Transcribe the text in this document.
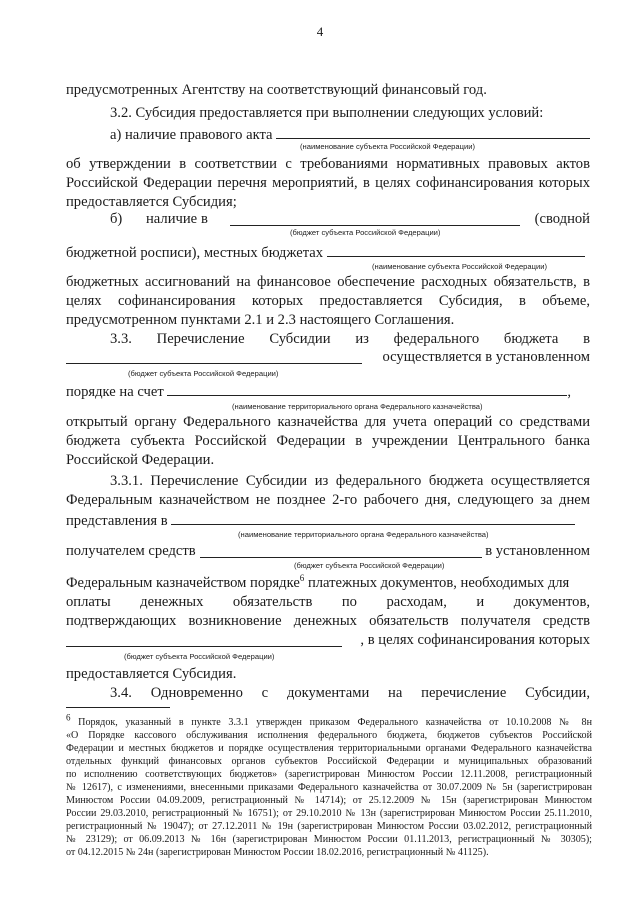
4
предусмотренных Агентству на соответствующий финансовый год.
3.2. Субсидия предоставляется при выполнении следующих условий:
а) наличие правового акта
(наименование субъекта Российской Федерации)
об утверждении в соответствии с требованиями нормативных правовых актов
Российской Федерации перечня мероприятий, в целях софинансирования которых
предоставляется Субсидия;
б) наличие в	(сводной
(бюджет субъекта Российской Федерации)
бюджетной росписи), местных бюджетах
(наименование субъекта Российской Федерации)
бюджетных ассигнований на финансовое обеспечение расходных обязательств, в
целях софинансирования которых предоставляется Субсидия, в объеме,
предусмотренном пунктами 2.1 и 2.3 настоящего Соглашения.
3.3. Перечисление Субсидии из федерального бюджета в
осуществляется в установленном
(бюджет субъекта Российской Федерации)
порядке на счет	,
(наименование территориального органа Федерального казначейства)
открытый органу Федерального казначейства для учета операций со средствами
бюджета субъекта Российской Федерации в учреждении Центрального банка
Российской Федерации.
3.3.1. Перечисление Субсидии из федерального бюджета осуществляется
Федеральным казначейством не позднее 2-го рабочего дня, следующего за днем
представления в
(наименование территориального органа Федерального казначейства)
получателем средств	в установленном
(бюджет субъекта Российской Федерации)
Федеральным казначейством порядке$^6$ платежных документов, необходимых для
оплаты денежных обязательств по расходам, и документов,
подтверждающих возникновение денежных обязательств получателя средств
, в целях софинансирования которых
(бюджет субъекта Российской Федерации)
предоставляется Субсидия.
3.4. Одновременно с документами на перечисление Субсидии,
$^6$ Порядок, указанный в пункте 3.3.1 утвержден приказом Федерального казначейства от 10.10.2008 № 8н
«О Порядке кассового обслуживания исполнения федерального бюджета, бюджетов субъектов Российской
Федерации и местных бюджетов и порядке осуществления территориальными органами Федерального казначейства
отдельных функций финансовых органов субъектов Российской Федерации и муниципальных образований
по исполнению соответствующих бюджетов» (зарегистрирован Минюстом России 12.11.2008, регистрационный
№ 12617), с изменениями, внесенными приказами Федерального казначейства от 30.07.2009 № 5н (зарегистрирован
Минюстом России 04.09.2009, регистрационный № 14714); от 25.12.2009 № 15н (зарегистрирован Минюстом
России 29.03.2010, регистрационный № 16751); от 29.10.2010 № 13н (зарегистрирован Минюстом России 25.11.2010,
регистрационный № 19047); от 27.12.2011 № 19н (зарегистрирован Минюстом России 03.02.2012, регистрационный
№ 23129); от 06.09.2013 № 16н (зарегистрирован Минюстом России 01.11.2013, регистрационный № 30305);
от 04.12.2015 № 24н (зарегистрирован Минюстом России 18.02.2016, регистрационный № 41125).
